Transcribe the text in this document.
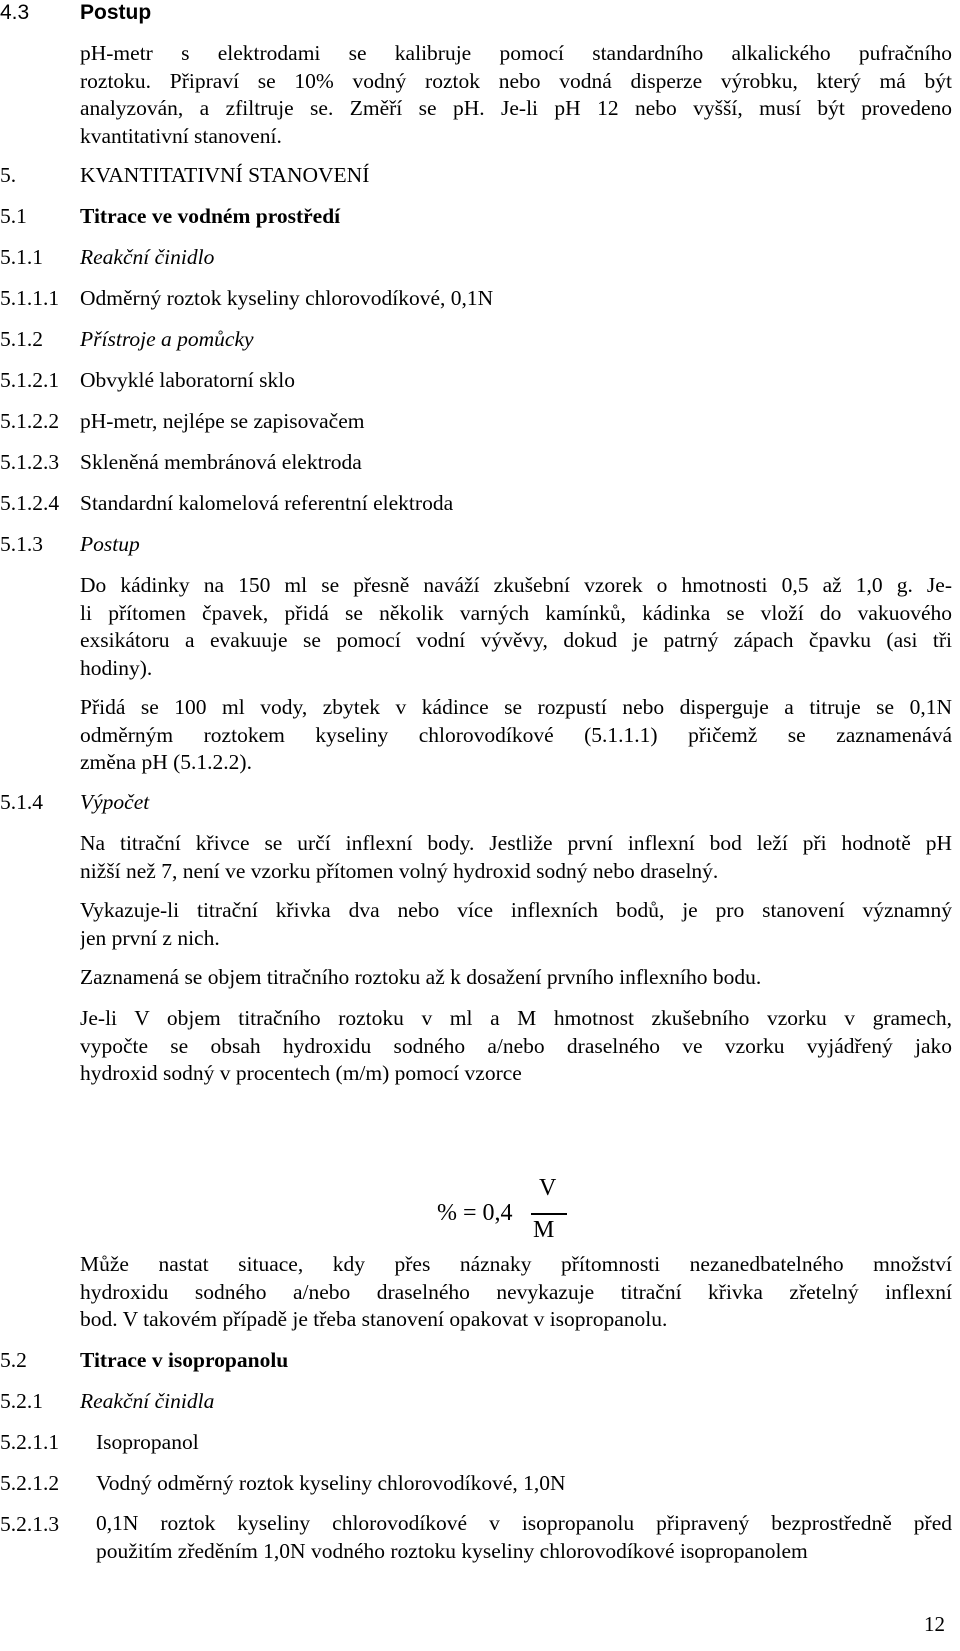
4.3 Postup
pH-metr s elektrodami se kalibruje pomocí standardního alkalického pufračního
roztoku. Připraví se 10% vodný roztok nebo vodná disperze výrobku, který má být
analyzován, a zfiltruje se. Změří se pH. Je-li pH 12 nebo vyšší, musí být provedeno
kvantitativní stanovení.
5.	KVANTITATIVNÍ STANOVENÍ
5.1 Titrace ve vodném prostředí
5.1.1 Reakční činidlo
5.1.1.1 Odměrný roztok kyseliny chlorovodíkové, 0,1N
5.1.2 Přístroje a pomůcky
5.1.2.1 Obvyklé laboratorní sklo
5.1.2.2 pH-metr, nejlépe se zapisovačem
5.1.2.3 Skleněná membránová elektroda
5.1.2.4 Standardní kalomelová referentní elektroda
5.1.3 Postup
Do kádinky na 150 ml se přesně naváží zkušební vzorek o hmotnosti 0,5 až 1,0 g. Je-
li přítomen čpavek, přidá se několik varných kamínků, kádinka se vloží do vakuového
exsikátoru a evakuuje se pomocí vodní vývěvy, dokud je patrný zápach čpavku (asi tři
hodiny).
Přidá se 100 ml vody, zbytek v kádince se rozpustí nebo disperguje a titruje se 0,1N
odměrným roztokem kyseliny chlorovodíkové (5.1.1.1) přičemž se zaznamenává
změna pH (5.1.2.2).
5.1.4 Výpočet
Na titrační křivce se určí inflexní body. Jestliže první inflexní bod leží při hodnotě pH
nižší než 7, není ve vzorku přítomen volný hydroxid sodný nebo draselný.
Vykazuje-li titrační křivka dva nebo více inflexních bodů, je pro stanovení významný
jen první z nich.
Zaznamená se objem titračního roztoku až k dosažení prvního inflexního bodu.
Je-li V objem titračního roztoku v ml a M hmotnost zkušebního vzorku v gramech,
vypočte se obsah hydroxidu sodného a/nebo draselného ve vzorku vyjádřený jako
hydroxid sodný v procentech (m/m) pomocí vzorce
% = 0,4
V
M
Může nastat situace, kdy přes náznaky přítomnosti nezanedbatelného množství
hydroxidu sodného a/nebo draselného nevykazuje titrační křivka zřetelný inflexní
bod. V takovém případě je třeba stanovení opakovat v isopropanolu.
5.2 Titrace v isopropanolu
5.2.1 Reakční činidla
5.2.1.1 Isopropanol
5.2.1.2 Vodný odměrný roztok kyseliny chlorovodíkové, 1,0N
5.2.1.3 0,1N roztok kyseliny chlorovodíkové v isopropanolu připravený bezprostředně před
použitím zředěním 1,0N vodného roztoku kyseliny chlorovodíkové isopropanolem
12
